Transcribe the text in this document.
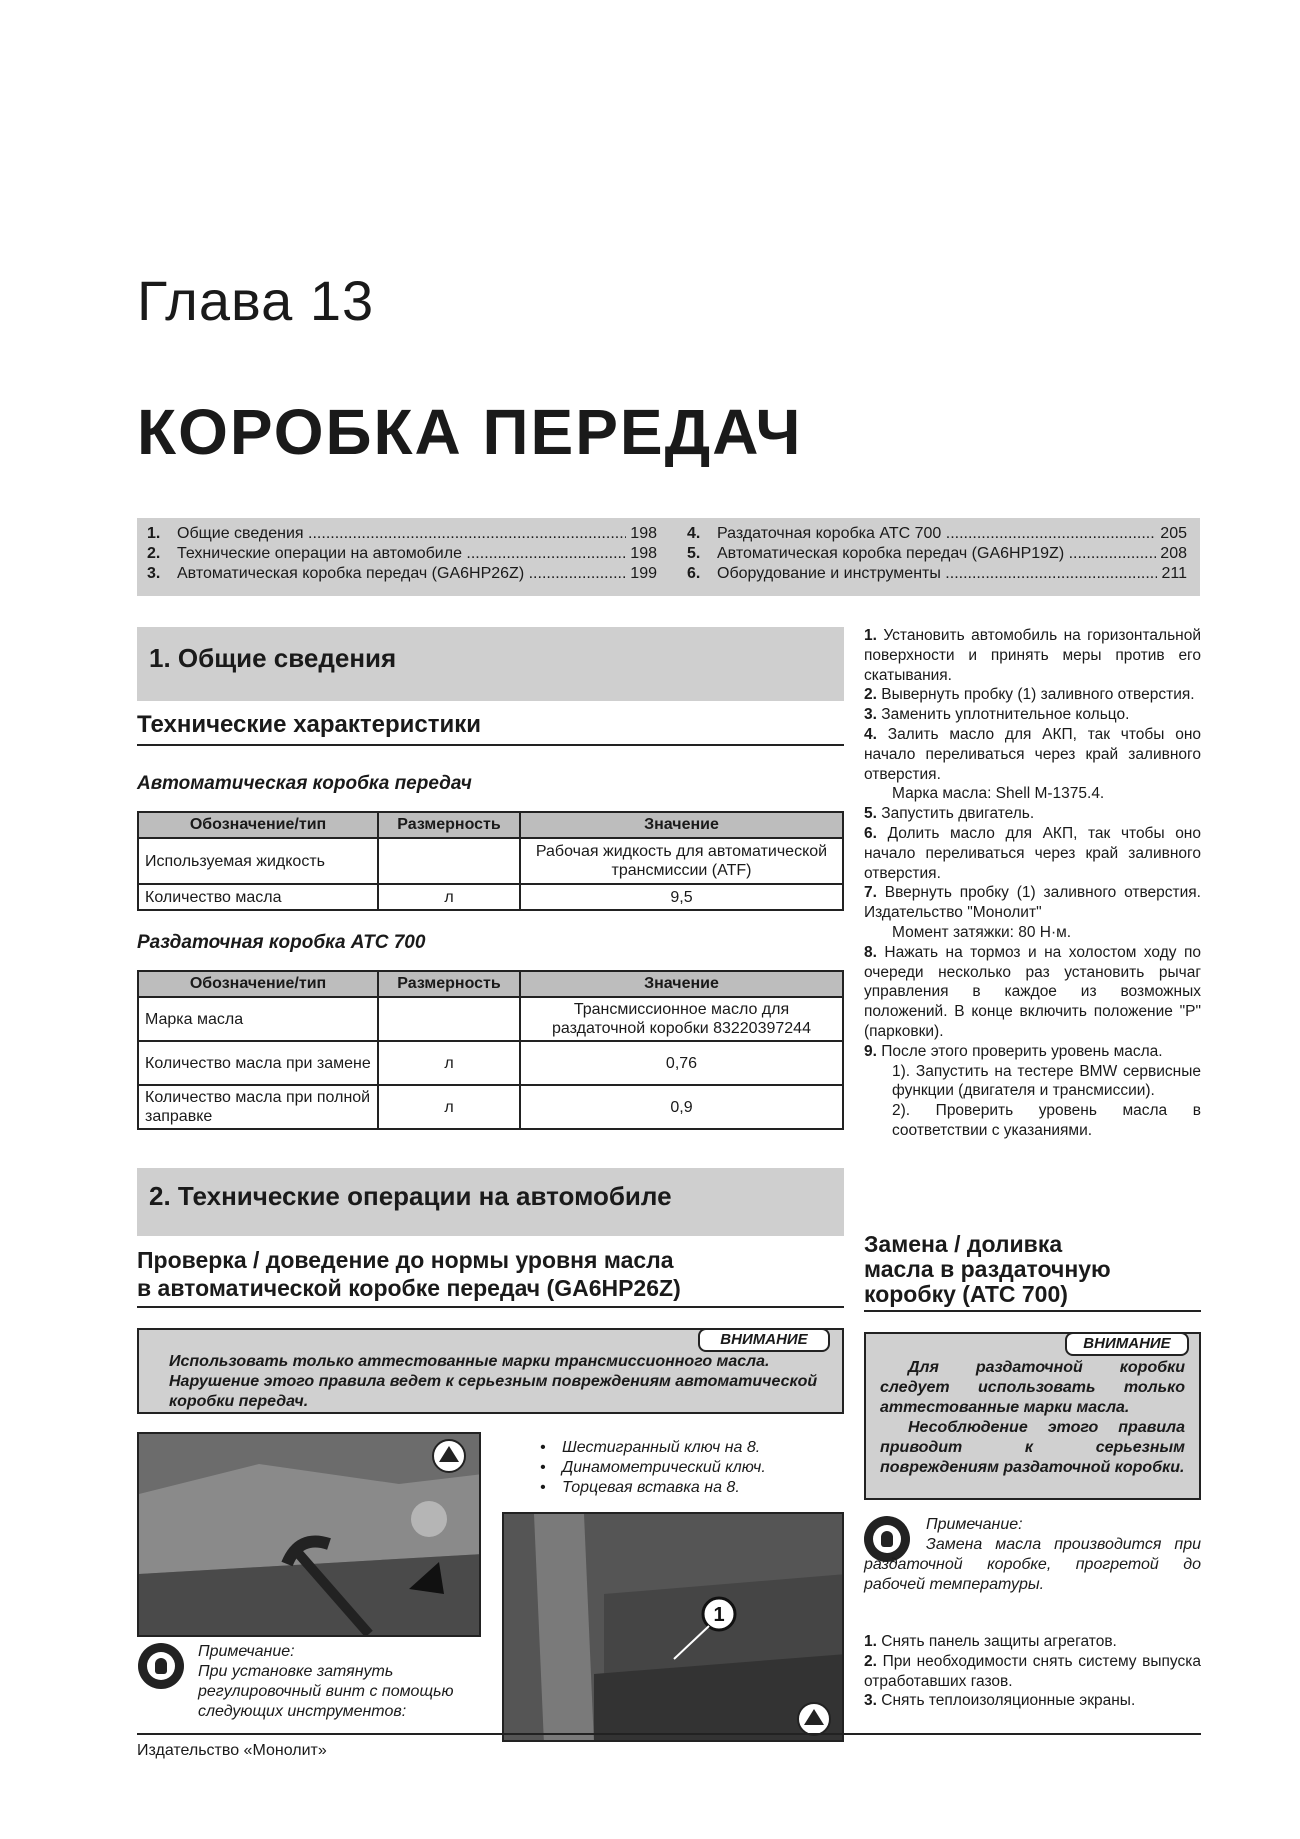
Глава 13
КОРОБКА ПЕРЕДАЧ
1.	Общие сведения .....	198
2.	Технические операции на автомобиле .....	198
3.	Автоматическая коробка передач (GA6HP26Z) .....	199
4.	Раздаточная коробка ATC 700 .....	205
5.	Автоматическая коробка передач (GA6HP19Z) .....	208
6.	Оборудование и инструменты .....	211
1. Общие сведения
Технические характеристики
Автоматическая коробка передач
Обозначение/тип	Размерность	Значение
Используемая жидкость		Рабочая жидкость для автоматической трансмиссии (ATF)
Количество масла	л	9,5
Раздаточная коробка ATC 700
Обозначение/тип	Размерность	Значение
Марка масла		Трансмиссионное масло для раздаточной коробки 83220397244
Количество масла при замене	л	0,76
Количество масла при полной заправке	л	0,9
2. Технические операции на автомобиле
Проверка / доведение до нормы уровня масла
в автоматической коробке передач (GA6HP26Z)
ВНИМАНИЕ
Использовать только аттестованные марки трансмиссионного масла. Нарушение этого правила ведет к серьезным повреждениям автоматической коробки передач.
• Шестигранный ключ на 8.
• Динамометрический ключ.
• Торцевая вставка на 8.
1
Примечание:
При установке затянуть регулировочный винт с помощью следующих инструментов:

1. Установить автомобиль на горизонтальной поверхности и принять меры против его скатывания.

2. Вывернуть пробку (1) заливного отверстия.

3. Заменить уплотнительное кольцо.

4. Залить масло для АКП, так чтобы оно начало переливаться через край заливного отверстия.

Марка масла: Shell M-1375.4.

5. Запустить двигатель.

6. Долить масло для АКП, так чтобы оно начало переливаться через край заливного отверстия.

7. Ввернуть пробку (1) заливного отверстия. Издательство "Монолит"

Момент затяжки: 80 Н·м.

8. Нажать на тормоз и на холостом ходу по очереди несколько раз установить рычаг управления в каждое из возможных положений. В конце включить положение "P" (парковки).

9. После этого проверить уровень масла.

1). Запустить на тестере BMW сервисные функции (двигателя и трансмиссии).

2). Проверить уровень масла в соответствии с указаниями.

Замена / доливка
масла в раздаточную
коробку (ATC 700)
ВНИМАНИЕ
Для раздаточной коробки следует использовать только аттестованные марки масла.
Несоблюдение этого правила приводит к серьезным повреждениям раздаточной коробки.
Примечание:
Замена масла производится при раздаточной коробке, прогретой до рабочей температуры.

1. Снять панель защиты агрегатов.

2. При необходимости снять систему выпуска отработавших газов.

3. Снять теплоизоляционные экраны.

Издательство «Монолит»
